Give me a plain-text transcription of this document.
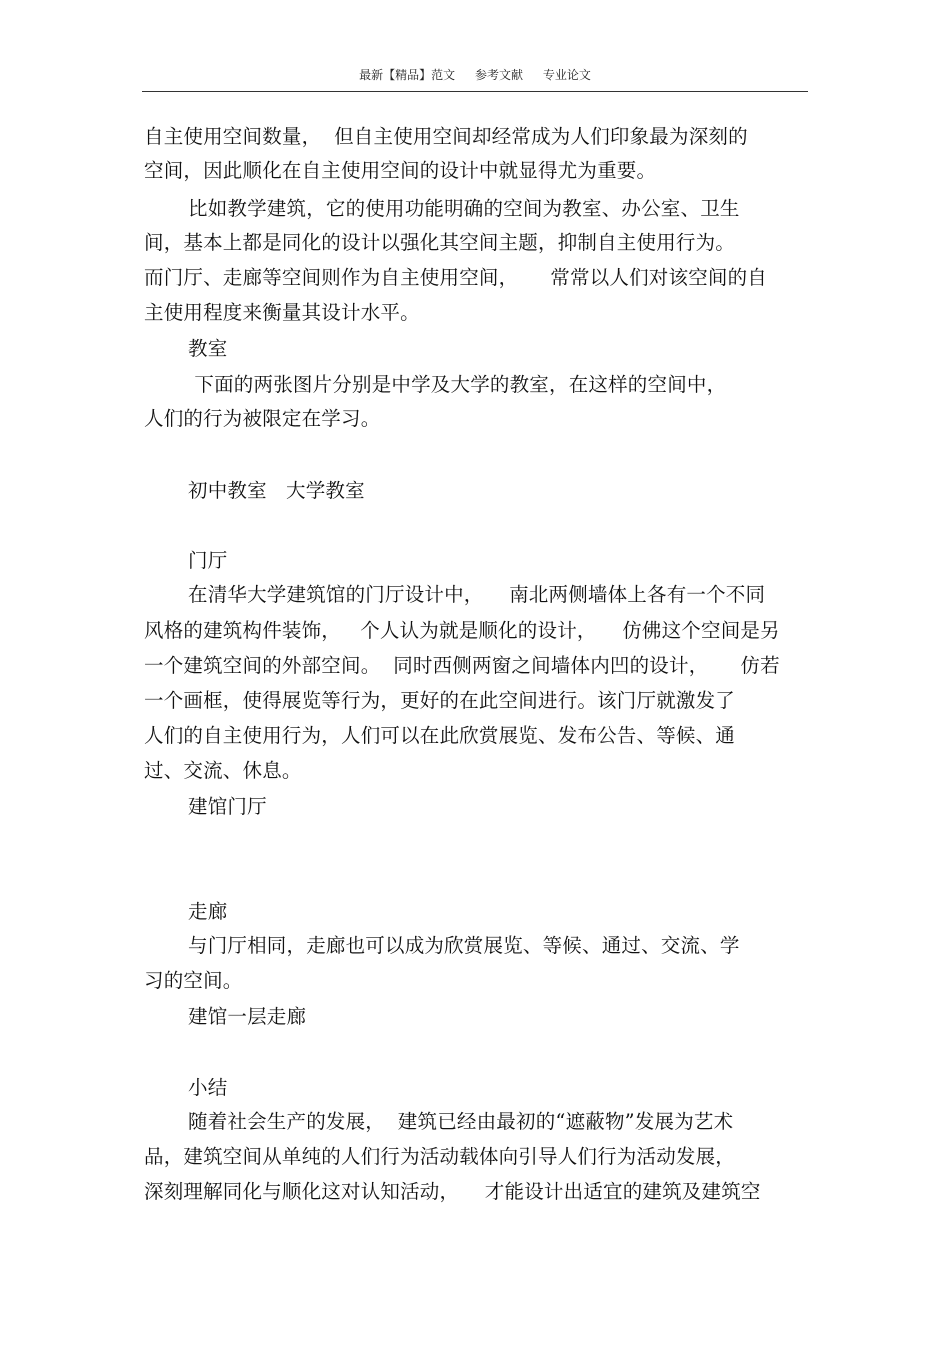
最新【精品】范文 参考文献 专业论文
自主使用空间数量，  但自主使用空间却经常成为人们印象最为深刻的
空间，因此顺化在自主使用空间的设计中就显得尤为重要。
比如教学建筑，它的使用功能明确的空间为教室、办公室、卫生
间，基本上都是同化的设计以强化其空间主题，抑制自主使用行为。
而门厅、走廊等空间则作为自主使用空间，     常常以人们对该空间的自
主使用程度来衡量其设计水平。
教室
下面的两张图片分别是中学及大学的教室，在这样的空间中，
人们的行为被限定在学习。
初中教室   大学教室
门厅
在清华大学建筑馆的门厅设计中，    南北两侧墙体上各有一个不同
风格的建筑构件装饰，   个人认为就是顺化的设计，    仿佛这个空间是另
一个建筑空间的外部空间。  同时西侧两窗之间墙体内凹的设计，     仿若
一个画框，使得展览等行为，更好的在此空间进行。该门厅就激发了
人们的自主使用行为，人们可以在此欣赏展览、发布公告、等候、通
过、交流、休息。
建馆门厅
走廊
与门厅相同，走廊也可以成为欣赏展览、等候、通过、交流、学
习的空间。
建馆一层走廊
小结
随着社会生产的发展，  建筑已经由最初的“遮蔽物”发展为艺术
品，建筑空间从单纯的人们行为活动载体向引导人们行为活动发展，
深刻理解同化与顺化这对认知活动，    才能设计出适宜的建筑及建筑空
